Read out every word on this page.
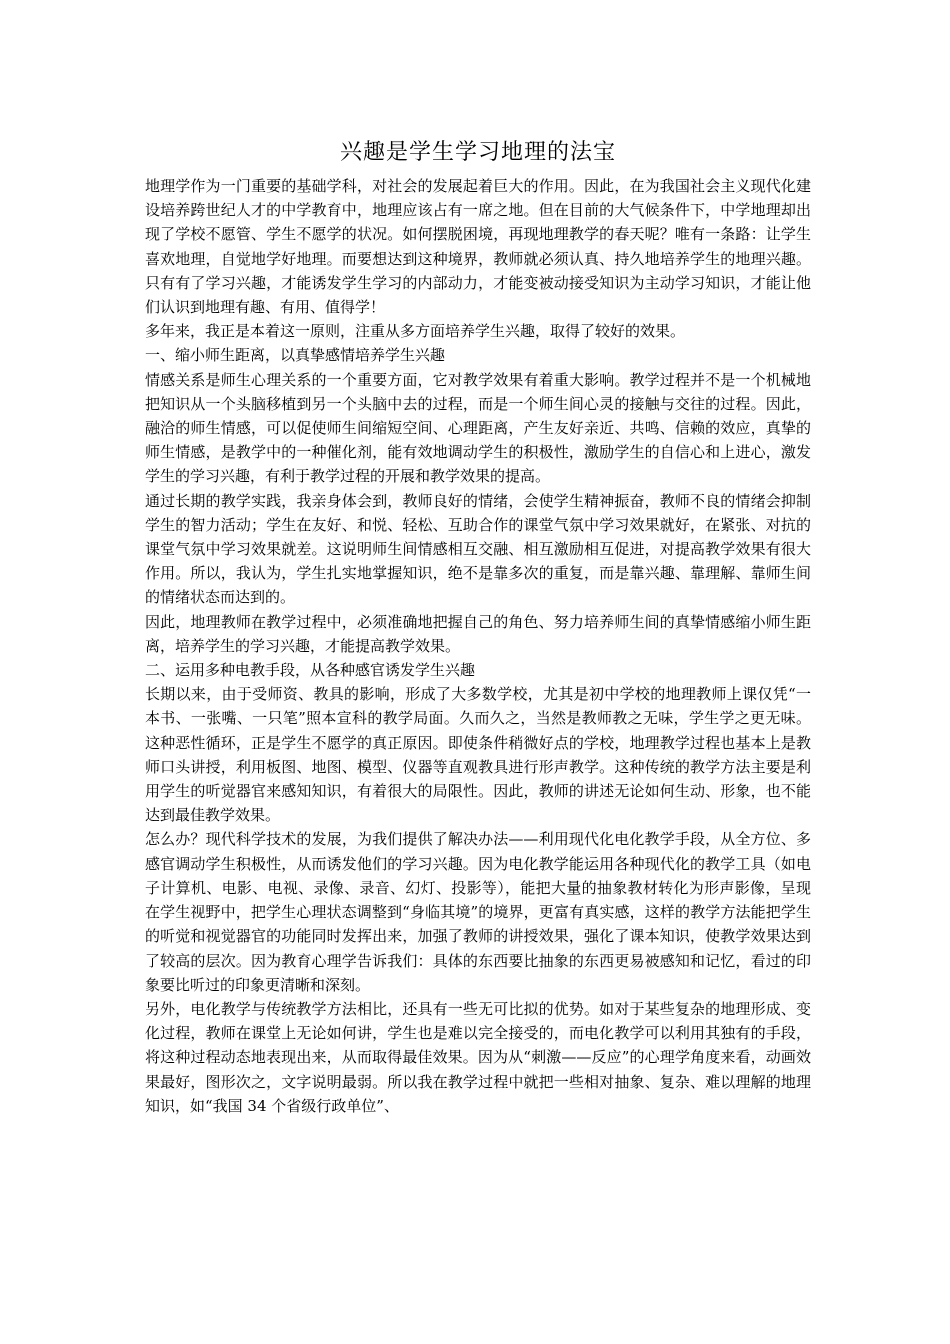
兴趣是学生学习地理的法宝

地理学作为一门重要的基础学科，对社会的发展起着巨大的作用。因此，在为我国社会主义现代化建设培养跨世纪人才的中学教育中，地理应该占有一席之地。但在目前的大气候条件下，中学地理却出现了学校不愿管、学生不愿学的状况。如何摆脱困境，再现地理教学的春天呢？唯有一条路：让学生喜欢地理，自觉地学好地理。而要想达到这种境界，教师就必须认真、持久地培养学生的地理兴趣。只有有了学习兴趣，才能诱发学生学习的内部动力，才能变被动接受知识为主动学习知识，才能让他们认识到地理有趣、有用、值得学！

多年来，我正是本着这一原则，注重从多方面培养学生兴趣，取得了较好的效果。

一、缩小师生距离，以真挚感情培养学生兴趣

情感关系是师生心理关系的一个重要方面，它对教学效果有着重大影响。教学过程并不是一个机械地把知识从一个头脑移植到另一个头脑中去的过程，而是一个师生间心灵的接触与交往的过程。因此，融洽的师生情感，可以促使师生间缩短空间、心理距离，产生友好亲近、共鸣、信赖的效应，真挚的师生情感，是教学中的一种催化剂，能有效地调动学生的积极性，激励学生的自信心和上进心，激发学生的学习兴趣，有利于教学过程的开展和教学效果的提高。

通过长期的教学实践，我亲身体会到，教师良好的情绪，会使学生精神振奋，教师不良的情绪会抑制学生的智力活动；学生在友好、和悦、轻松、互助合作的课堂气氛中学习效果就好，在紧张、对抗的课堂气氛中学习效果就差。这说明师生间情感相互交融、相互激励相互促进，对提高教学效果有很大作用。所以，我认为，学生扎实地掌握知识，绝不是靠多次的重复，而是靠兴趣、靠理解、靠师生间的情绪状态而达到的。

因此，地理教师在教学过程中，必须准确地把握自己的角色、努力培养师生间的真挚情感缩小师生距离，培养学生的学习兴趣，才能提高教学效果。

二、运用多种电教手段，从各种感官诱发学生兴趣

长期以来，由于受师资、教具的影响，形成了大多数学校，尤其是初中学校的地理教师上课仅凭“一本书、一张嘴、一只笔”照本宣科的教学局面。久而久之，当然是教师教之无味，学生学之更无味。这种恶性循环，正是学生不愿学的真正原因。即使条件稍微好点的学校，地理教学过程也基本上是教师口头讲授，利用板图、地图、模型、仪器等直观教具进行形声教学。这种传统的教学方法主要是利用学生的听觉器官来感知知识，有着很大的局限性。因此，教师的讲述无论如何生动、形象，也不能达到最佳教学效果。

怎么办？现代科学技术的发展，为我们提供了解决办法——利用现代化电化教学手段，从全方位、多感官调动学生积极性，从而诱发他们的学习兴趣。因为电化教学能运用各种现代化的教学工具（如电子计算机、电影、电视、录像、录音、幻灯、投影等），能把大量的抽象教材转化为形声影像，呈现在学生视野中，把学生心理状态调整到“身临其境”的境界，更富有真实感，这样的教学方法能把学生的听觉和视觉器官的功能同时发挥出来，加强了教师的讲授效果，强化了课本知识，使教学效果达到了较高的层次。因为教育心理学告诉我们：具体的东西要比抽象的东西更易被感知和记忆，看过的印象要比听过的印象更清晰和深刻。

另外，电化教学与传统教学方法相比，还具有一些无可比拟的优势。如对于某些复杂的地理形成、变化过程，教师在课堂上无论如何讲，学生也是难以完全接受的，而电化教学可以利用其独有的手段，将这种过程动态地表现出来，从而取得最佳效果。因为从“刺激——反应”的心理学角度来看，动画效果最好，图形次之，文字说明最弱。所以我在教学过程中就把一些相对抽象、复杂、难以理解的地理知识，如“我国 34 个省级行政单位”、
